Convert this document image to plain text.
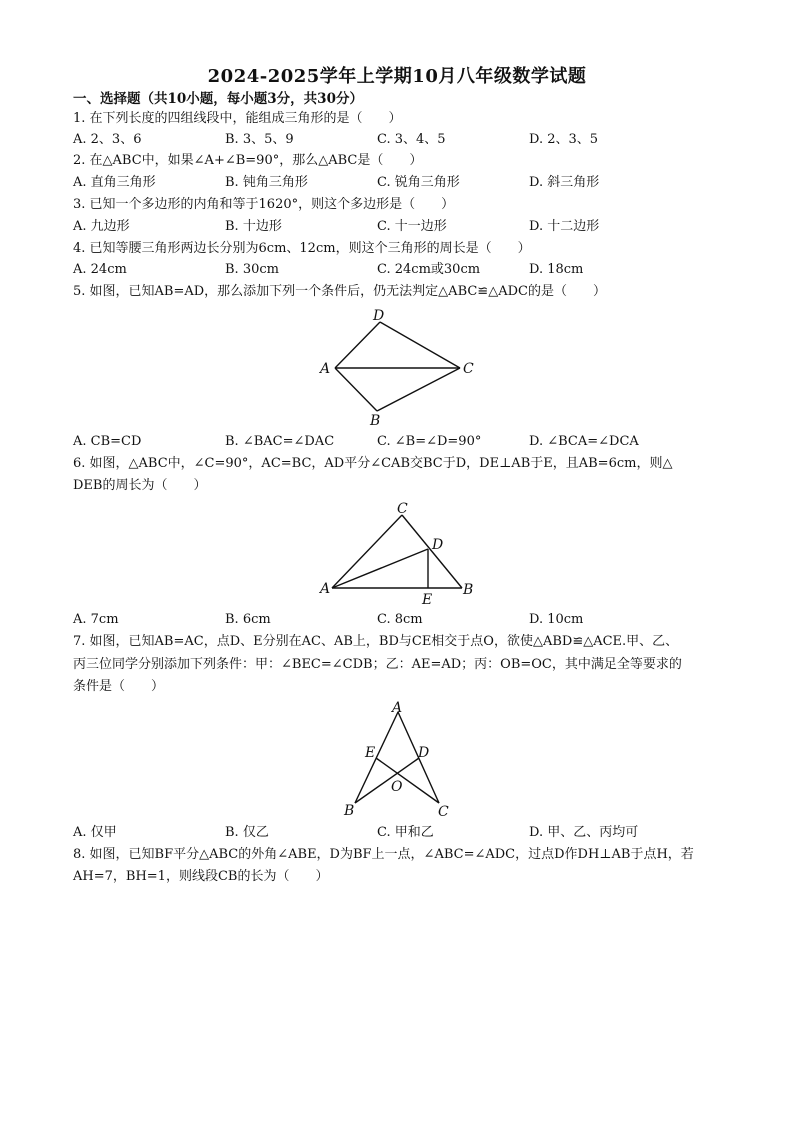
2024-2025学年上学期10月八年级数学试题
一、选择题（共10小题，每小题3分，共30分）
1. 在下列长度的四组线段中，能组成三角形的是（　　）
A. 2、3、6	B. 3、5、9	C. 3、4、5	D. 2、3、5
2. 在△ABC中，如果∠A+∠B=90°，那么△ABC是（　　）
A. 直角三角形	B. 钝角三角形	C. 锐角三角形	D. 斜三角形
3. 已知一个多边形的内角和等于1620°，则这个多边形是（　　）
A. 九边形	B. 十边形	C. 十一边形	D. 十二边形
4. 已知等腰三角形两边长分别为6cm、12cm，则这个三角形的周长是（　　）
A. 24cm	B. 30cm	C. 24cm或30cm	D. 18cm
5. 如图，已知AB=AD，那么添加下列一个条件后，仍无法判定△ABC≌△ADC的是（　　）
D
A	C
B
A. CB=CD	B. ∠BAC=∠DAC	C. ∠B=∠D=90°	D. ∠BCA=∠DCA
6. 如图，△ABC中，∠C=90°，AC=BC，AD平分∠CAB交BC于D，DE⊥AB于E，且AB=6cm，则△
DEB的周长为（　　）
C
D
A	B
E
A. 7cm	B. 6cm	C. 8cm	D. 10cm
7. 如图，已知AB=AC，点D、E分别在AC、AB上，BD与CE相交于点O，欲使△ABD≌△ACE.甲、乙、
丙三位同学分别添加下列条件：甲：∠BEC=∠CDB；乙：AE=AD；丙：OB=OC，其中满足全等要求的
条件是（　　）
A
E	D
O
B	C
A. 仅甲	B. 仅乙	C. 甲和乙	D. 甲、乙、丙均可
8. 如图，已知BF平分△ABC的外角∠ABE，D为BF上一点，∠ABC=∠ADC，过点D作DH⊥AB于点H，若
AH=7，BH=1，则线段CB的长为（　　）
